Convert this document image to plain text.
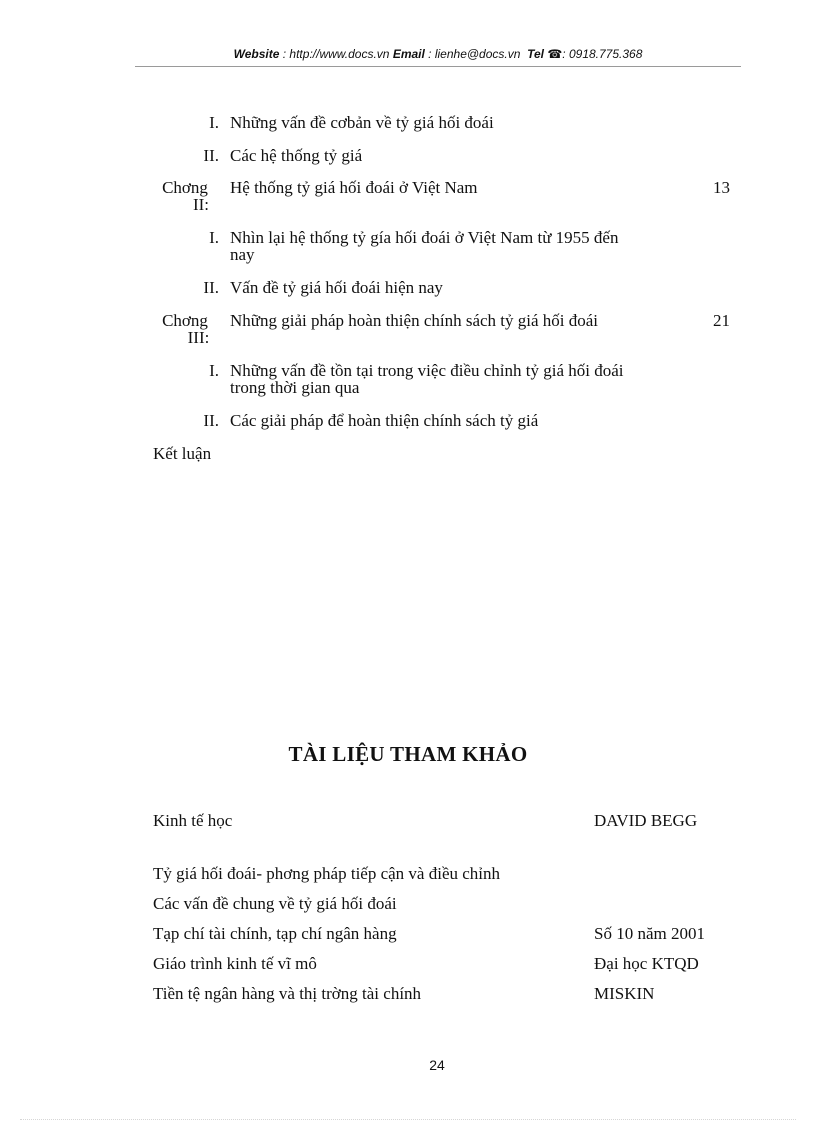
Website : http://www.docs.vn Email : lienhe@docs.vn Tel ☎: 0918.775.368
I. Những vấn đề cơbản về tỷ giá hối đoái
II. Các hệ thống tỷ giá
Chơng
II:
Hệ thống tỷ giá hối đoái ở Việt Nam	13
I. Nhìn lại hệ thống tỷ gía hối đoái ở Việt Nam từ 1955 đến
nay
II. Vấn đề tỷ giá hối đoái hiện nay
Chơng
III:
Những giải pháp hoàn thiện chính sách tỷ giá hối đoái	21
I. Những vấn đề tồn tại trong việc điều chỉnh tỷ giá hối đoái
trong thời gian qua
II. Các giải pháp để hoàn thiện chính sách tỷ giá
Kết luận
TÀI LIỆU THAM KHẢO
Kinh tế học	DAVID BEGG
Tỷ giá hối đoái- phơng pháp tiếp cận và điều chỉnh
Các vấn đề chung về tỷ giá hối đoái
Tạp chí tài chính, tạp chí ngân hàng	Số 10 năm 2001
Giáo trình kinh tế vĩ mô	Đại học KTQD
Tiền tệ ngân hàng và thị trờng tài chính	MISKIN
24
